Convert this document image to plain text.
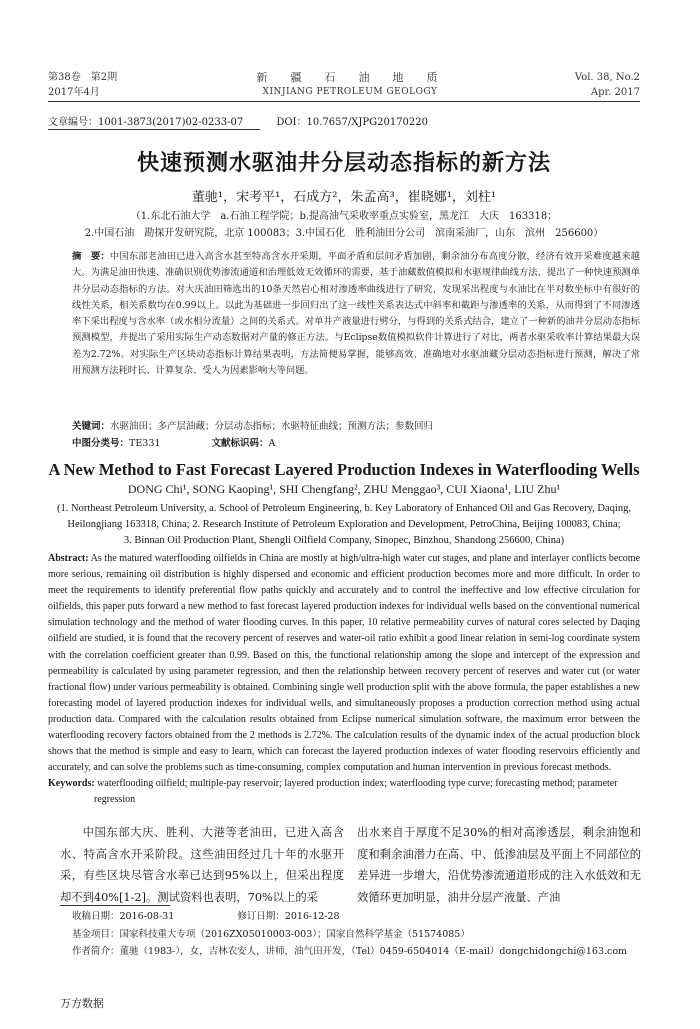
第38卷　第2期
2017年4月
新　疆　石　油　地　质
XINJIANG PETROLEUM GEOLOGY
Vol. 38, No.2
Apr. 2017
文章编号：1001-3873(2017)02-0233-07	DOI：10.7657/XJPG20170220
快速预测水驱油井分层动态指标的新方法
董驰¹，宋考平¹，石成方²，朱孟高³，崔晓娜¹，刘柱¹
（1.东北石油大学　a.石油工程学院；b.提高油气采收率重点实验室，黑龙江　大庆　163318；
2.中国石油　勘探开发研究院，北京 100083；3.中国石化　胜利油田分公司　滨南采油厂，山东　滨州　256600）
摘　要：中国东部老油田已进入高含水甚至特高含水开采期，平面矛盾和层间矛盾加剧，剩余油分布高度分散，经济有效开采难度越来越大。为满足油田快速、准确识别优势渗流通道和治理低效无效循环的需要，基于油藏数值模拟和水驱规律曲线方法，提出了一种快速预测单井分层动态指标的方法。对大庆油田筛选出的10条天然岩心相对渗透率曲线进行了研究，发现采出程度与水油比在半对数坐标中有很好的线性关系，相关系数均在0.99以上。以此为基础进一步回归出了这一线性关系表达式中斜率和截距与渗透率的关系，从而得到了不同渗透率下采出程度与含水率（或水相分流量）之间的关系式。对单井产液量进行劈分，与得到的关系式结合，建立了一种新的油井分层动态指标预测模型，并提出了采用实际生产动态数据对产量的修正方法。与Eclipse数值模拟软件计算进行了对比，两者水驱采收率计算结果最大误差为2.72%。对实际生产区块动态指标计算结果表明，方法简便易掌握，能够高效、准确地对水驱油藏分层动态指标进行预测，解决了常用预测方法耗时长、计算复杂、受人为因素影响大等问题。
关键词：水驱油田；多产层油藏；分层动态指标；水驱特征曲线；预测方法；参数回归
中图分类号：TE331	文献标识码：A
A New Method to Fast Forecast Layered Production Indexes in Waterflooding Wells
DONG Chi¹, SONG Kaoping¹, SHI Chengfang², ZHU Menggao³, CUI Xiaona¹, LIU Zhu¹
(1. Northeast Petroleum University, a. School of Petroleum Engineering, b. Key Laboratory of Enhanced Oil and Gas Recovery, Daqing,
Heilongjiang 163318, China; 2. Research Institute of Petroleum Exploration and Development, PetroChina, Beijing 100083, China;
3. Binnan Oil Production Plant, Shengli Oilfield Company, Sinopec, Binzhou, Shandong 256600, China)
Abstract: As the matured waterflooding oilfields in China are mostly at high/ultra-high water cut stages, and plane and interlayer conflicts become more serious, remaining oil distribution is highly dispersed and economic and efficient production becomes more and more difficult. In order to meet the requirements to identify preferential flow paths quickly and accurately and to control the ineffective and low effective circulation for oilfields, this paper puts forward a new method to fast forecast layered production indexes for individual wells based on the conventional numerical simulation technology and the method of water flooding curves. In this paper, 10 relative permeability curves of natural cores selected by Daqing oilfield are studied, it is found that the recovery percent of reserves and water-oil ratio exhibit a good linear relation in semi-log coordinate system with the correlation coefficient greater than 0.99. Based on this, the functional relationship among the slope and intercept of the expression and permeability is calculated by using parameter regression, and then the relationship between recovery percent of reserves and water cut (or water fractional flow) under various permeability is obtained. Combining single well production split with the above formula, the paper establishes a new forecasting model of layered production indexes for individual wells, and simultaneously proposes a production correction method using actual production data. Compared with the calculation results obtained from Eclipse numerical simulation software, the maximum error between the waterflooding recovery factors obtained from the 2 methods is 2.72%. The calculation results of the dynamic index of the actual production block shows that the method is simple and easy to learn, which can forecast the layered production indexes of water flooding reservoirs efficiently and accurately, and can solve the problems such as time-consuming, complex computation and human intervention in previous forecast methods.
Keywords: waterflooding oilfield; multiple-pay reservoir; layered production index; waterflooding type curve; forecasting method; parameter regression
中国东部大庆、胜利、大港等老油田，已进入高含水、特高含水开采阶段。这些油田经过几十年的水驱开采，有些区块尽管含水率已达到95%以上，但采出程度却不到40%[1-2]。测试资料也表明，70%以上的采
出水来自于厚度不足30%的相对高渗透层，剩余油饱和度和剩余油潜力在高、中、低渗油层及平面上不同部位的差异进一步增大，沿优势渗流通道形成的注入水低效和无效循环更加明显，油井分层产液量、产油
收稿日期：2016-08-31	修订日期：2016-12-28
基金项目：国家科技重大专项（2016ZX05010003-003）；国家自然科学基金（51574085）
作者简介：董驰（1983-），女，吉林农安人，讲师，油气田开发，（Tel）0459-6504014（E-mail）dongchidongchi@163.com
万方数据
